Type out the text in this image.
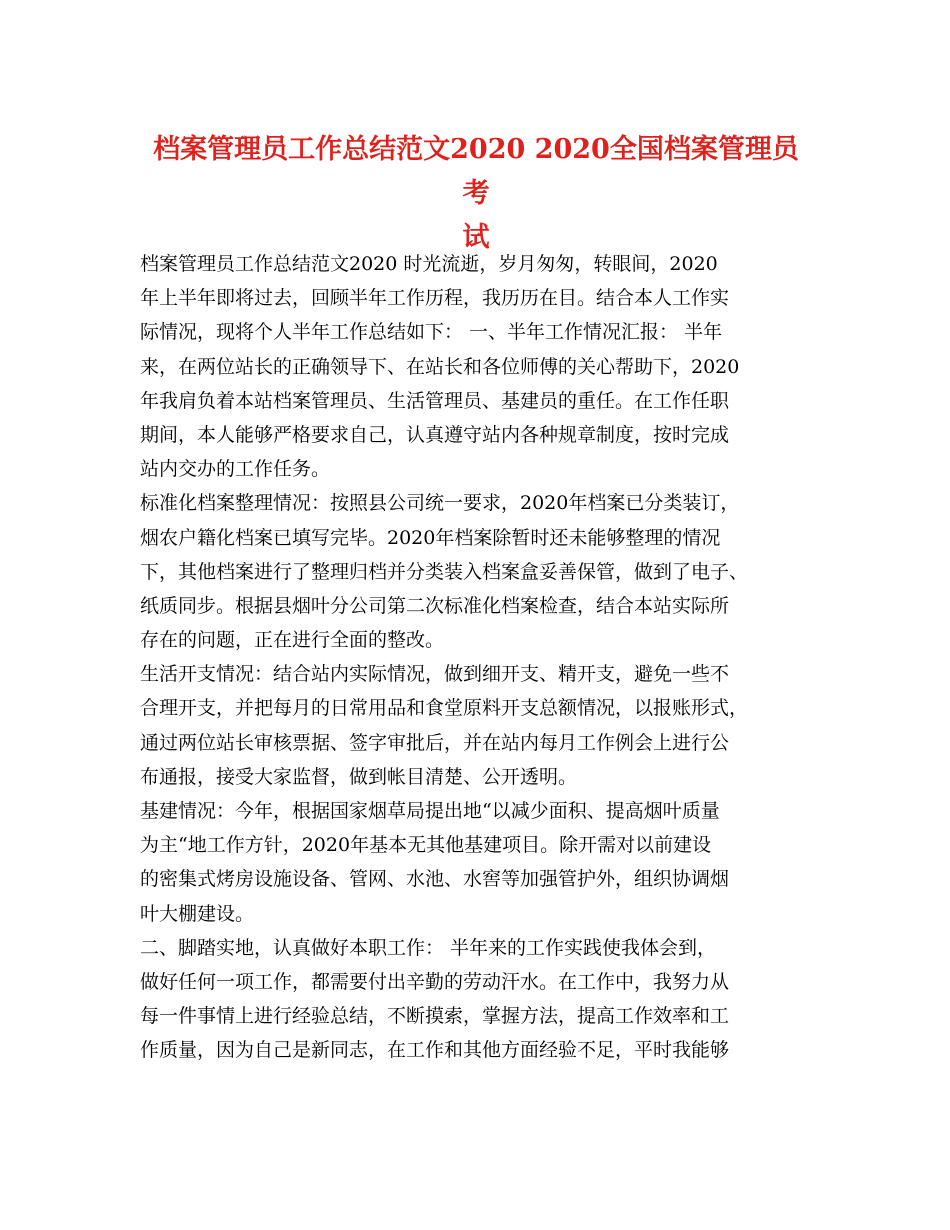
档案管理员工作总结范文2020 2020全国档案管理员考
试
档案管理员工作总结范文2020 时光流逝，岁月匆匆，转眼间，2020
年上半年即将过去，回顾半年工作历程，我历历在目。结合本人工作实
际情况，现将个人半年工作总结如下： 一、半年工作情况汇报： 半年
来，在两位站长的正确领导下、在站长和各位师傅的关心帮助下，2020
年我肩负着本站档案管理员、生活管理员、基建员的重任。在工作任职
期间，本人能够严格要求自己，认真遵守站内各种规章制度，按时完成
站内交办的工作任务。
标准化档案整理情况：按照县公司统一要求，2020年档案已分类装订，
烟农户籍化档案已填写完毕。2020年档案除暂时还未能够整理的情况
下，其他档案进行了整理归档并分类装入档案盒妥善保管，做到了电子、
纸质同步。根据县烟叶分公司第二次标准化档案检查，结合本站实际所
存在的问题，正在进行全面的整改。
生活开支情况：结合站内实际情况，做到细开支、精开支，避免一些不
合理开支，并把每月的日常用品和食堂原料开支总额情况，以报账形式，
通过两位站长审核票据、签字审批后，并在站内每月工作例会上进行公
布通报，接受大家监督，做到帐目清楚、公开透明。
基建情况：今年，根据国家烟草局提出地“以减少面积、提高烟叶质量
为主“地工作方针，2020年基本无其他基建项目。除开需对以前建设
的密集式烤房设施设备、管网、水池、水窖等加强管护外，组织协调烟
叶大棚建设。
二、脚踏实地，认真做好本职工作： 半年来的工作实践使我体会到，
做好任何一项工作，都需要付出辛勤的劳动汗水。在工作中，我努力从
每一件事情上进行经验总结，不断摸索，掌握方法，提高工作效率和工
作质量，因为自己是新同志，在工作和其他方面经验不足，平时我能够
